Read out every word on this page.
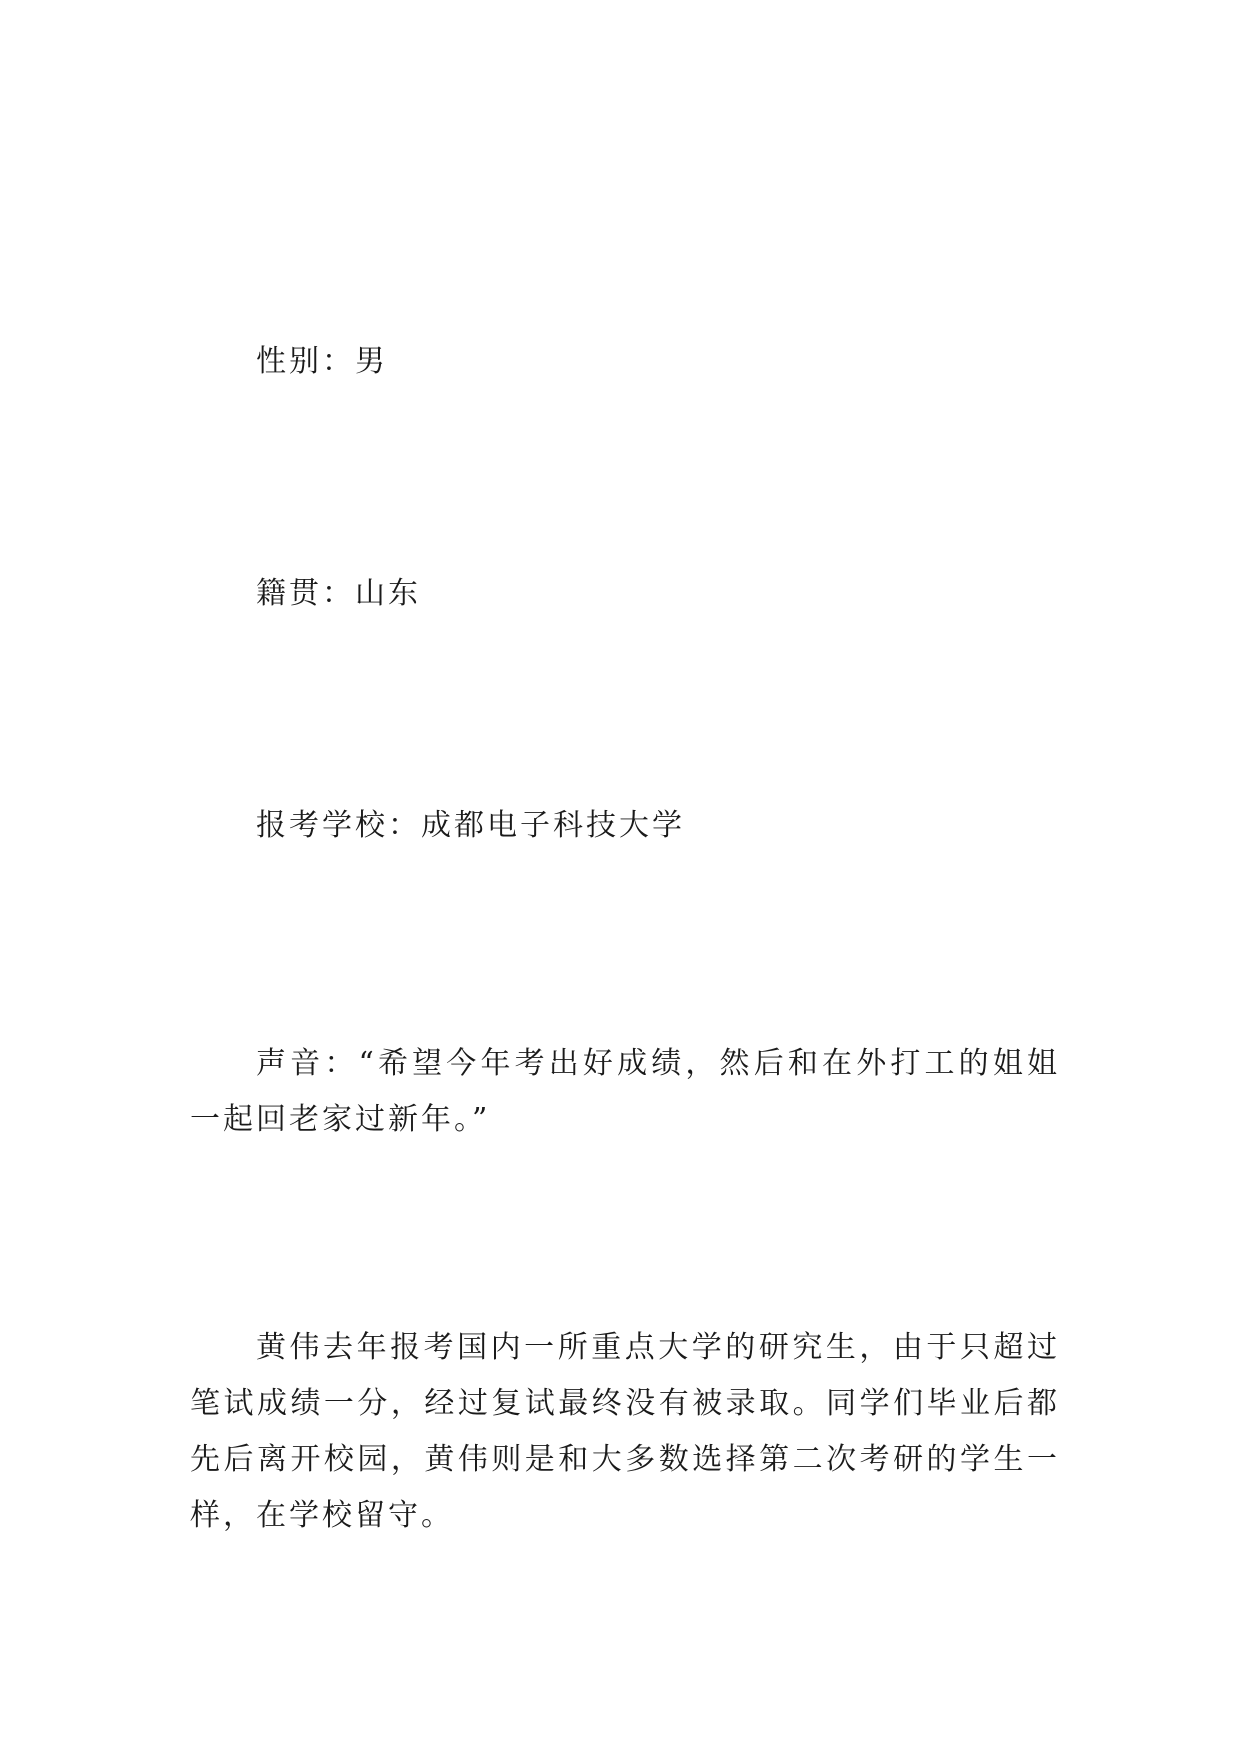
性别：男
籍贯：山东
报考学校：成都电子科技大学
声音：“希望今年考出好成绩，然后和在外打工的姐姐一起回老家过新年。”
黄伟去年报考国内一所重点大学的研究生，由于只超过笔试成绩一分，经过复试最终没有被录取。同学们毕业后都先后离开校园，黄伟则是和大多数选择第二次考研的学生一样，在学校留守。
